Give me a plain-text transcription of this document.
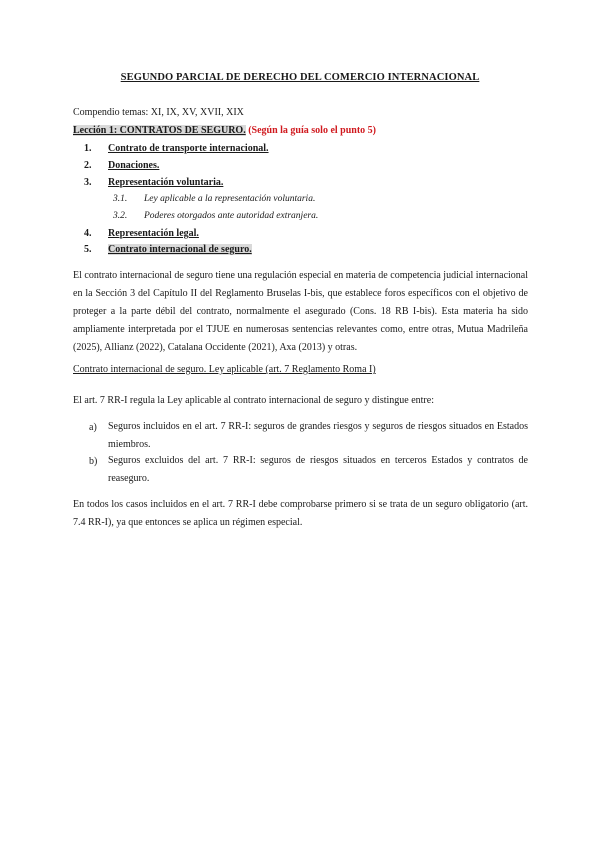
SEGUNDO PARCIAL DE DERECHO DEL COMERCIO INTERNACIONAL
Compendio temas: XI, IX, XV, XVII, XIX
Lección 1: CONTRATOS DE SEGURO. (Según la guía solo el punto 5)
1. Contrato de transporte internacional.
2. Donaciones.
3. Representación voluntaria.
3.1. Ley aplicable a la representación voluntaria.
3.2. Poderes otorgados ante autoridad extranjera.
4. Representación legal.
5. Contrato internacional de seguro.
El contrato internacional de seguro tiene una regulación especial en materia de competencia judicial internacional en la Sección 3 del Capítulo II del Reglamento Bruselas I-bis, que establece foros específicos con el objetivo de proteger a la parte débil del contrato, normalmente el asegurado (Cons. 18 RB I-bis). Esta materia ha sido ampliamente interpretada por el TJUE en numerosas sentencias relevantes como, entre otras, Mutua Madrileña (2025), Allianz (2022), Catalana Occidente (2021), Axa (2013) y otras.
Contrato internacional de seguro. Ley aplicable (art. 7 Reglamento Roma I)
El art. 7 RR-I regula la Ley aplicable al contrato internacional de seguro y distingue entre:
a) Seguros incluidos en el art. 7 RR-I: seguros de grandes riesgos y seguros de riesgos situados en Estados miembros.
b) Seguros excluidos del art. 7 RR-I: seguros de riesgos situados en terceros Estados y contratos de reaseguro.
En todos los casos incluidos en el art. 7 RR-I debe comprobarse primero si se trata de un seguro obligatorio (art. 7.4 RR-I), ya que entonces se aplica un régimen especial.
